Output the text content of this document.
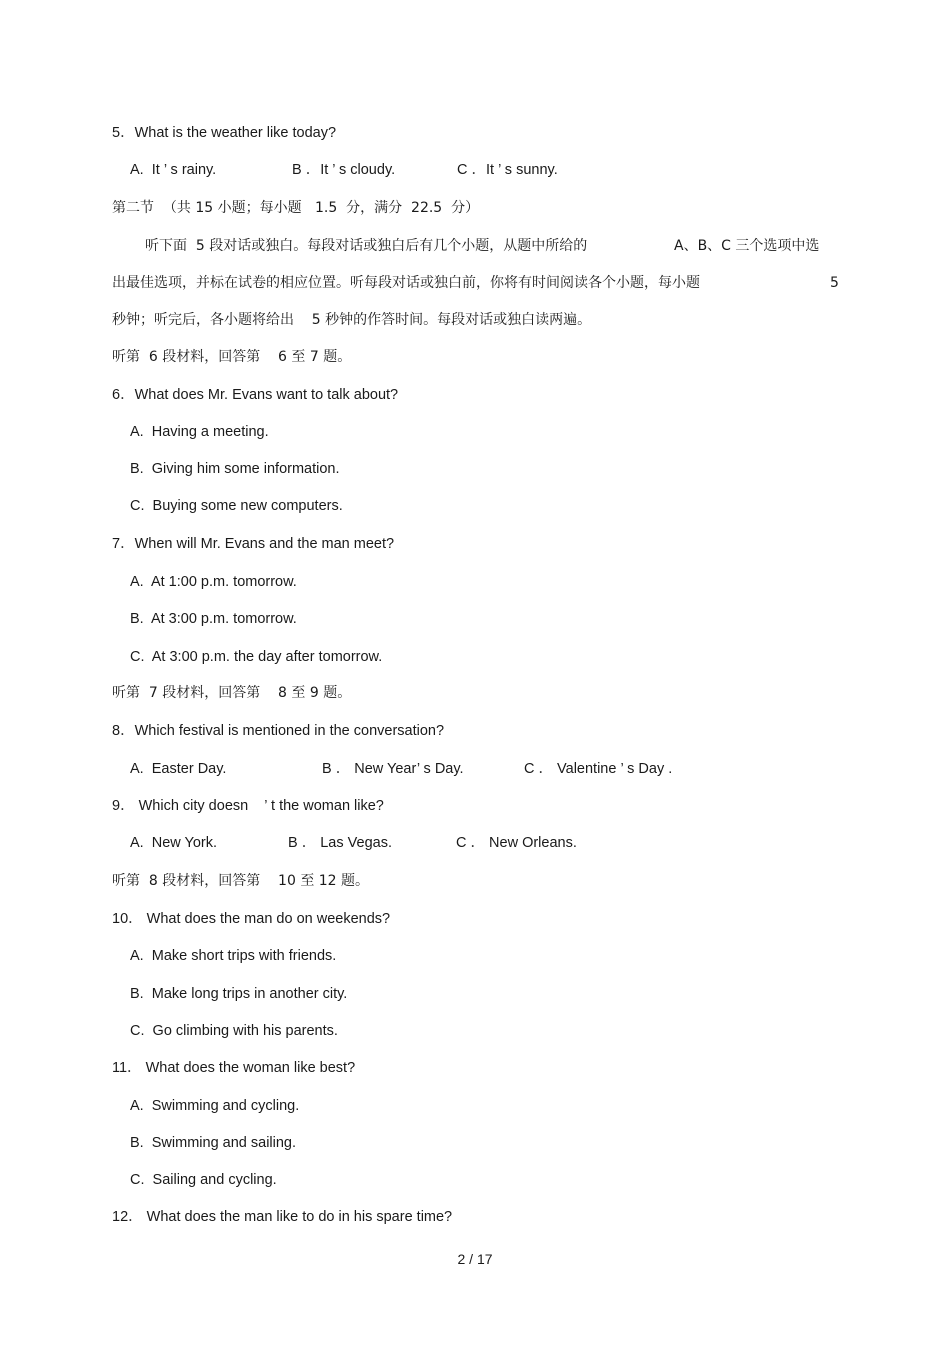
5．What is the weather like today?
A.  It ’ s rainy.	B ．It ’ s cloudy.	C ．It ’ s sunny.
第二节  （共 15 小题；每小题   1.5  分，满分  22.5  分）
听下面  5 段对话或独白。每段对话或独白后有几个小题，从题中所给的	A、B、C 三个选项中选
出最佳选项，并标在试卷的相应位置。听每段对话或独白前，你将有时间阅读各个小题，每小题	5
秒钟；听完后，各小题将给出    5 秒钟的作答时间。每段对话或独白读两遍。
听第  6 段材料，回答第    6 至 7 题。
6．What does Mr. Evans want to talk about?
A.  Having a meeting.
B.  Giving him some information.
C.  Buying some new computers.
7．When will Mr. Evans and the man meet?
A.  At 1:00 p.m. tomorrow.
B.  At 3:00 p.m. tomorrow.
C.  At 3:00 p.m. the day after tomorrow.
听第  7 段材料，回答第    8 至 9 题。
8．Which festival is mentioned in the conversation?
A.  Easter Day.	B ． New Year’ s Day.	C ． Valentine ’ s Day .
9． Which city doesn    ’ t the woman like?
A.  New York.	B ． Las Vegas.	C ． New Orleans.
听第  8 段材料，回答第    10 至 12 题。
10． What does the man do on weekends?
A.  Make short trips with friends.
B.  Make long trips in another city.
C.  Go climbing with his parents.
11． What does the woman like best?
A.  Swimming and cycling.
B.  Swimming and sailing.
C.  Sailing and cycling.
12． What does the man like to do in his spare time?
2 / 17
